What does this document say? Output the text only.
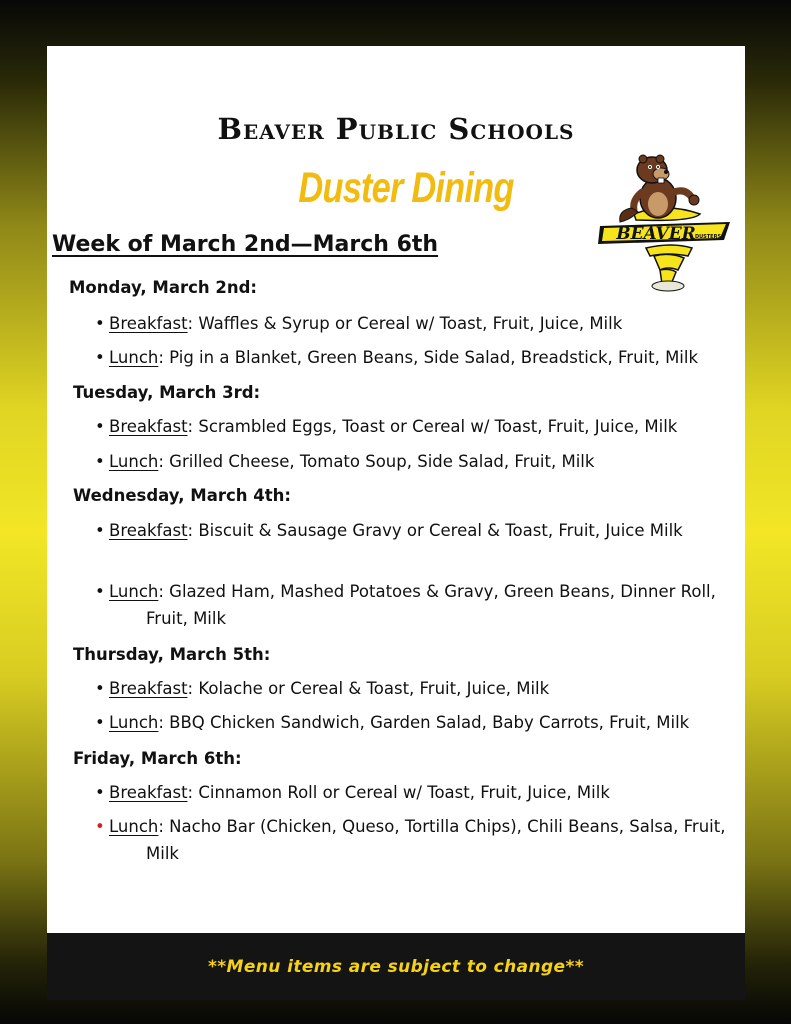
Beaver Public Schools
Duster Dining
Week of March 2nd—March 6th	BEAVER DUSTERS
Monday, March 2nd:
• Breakfast: Waffles & Syrup or Cereal w/ Toast, Fruit, Juice, Milk
• Lunch: Pig in a Blanket, Green Beans, Side Salad, Breadstick, Fruit, Milk
Tuesday, March 3rd:
• Breakfast: Scrambled Eggs, Toast or Cereal w/ Toast, Fruit, Juice, Milk
• Lunch: Grilled Cheese, Tomato Soup, Side Salad, Fruit, Milk
Wednesday, March 4th:
• Breakfast: Biscuit & Sausage Gravy or Cereal & Toast, Fruit, Juice Milk
• Lunch: Glazed Ham, Mashed Potatoes & Gravy, Green Beans, Dinner Roll, Fruit, Milk
Thursday, March 5th:
• Breakfast: Kolache or Cereal & Toast, Fruit, Juice, Milk
• Lunch: BBQ Chicken Sandwich, Garden Salad, Baby Carrots, Fruit, Milk
Friday, March 6th:
• Breakfast: Cinnamon Roll or Cereal w/ Toast, Fruit, Juice, Milk
• Lunch: Nacho Bar (Chicken, Queso, Tortilla Chips), Chili Beans, Salsa, Fruit, Milk
**Menu items are subject to change**
